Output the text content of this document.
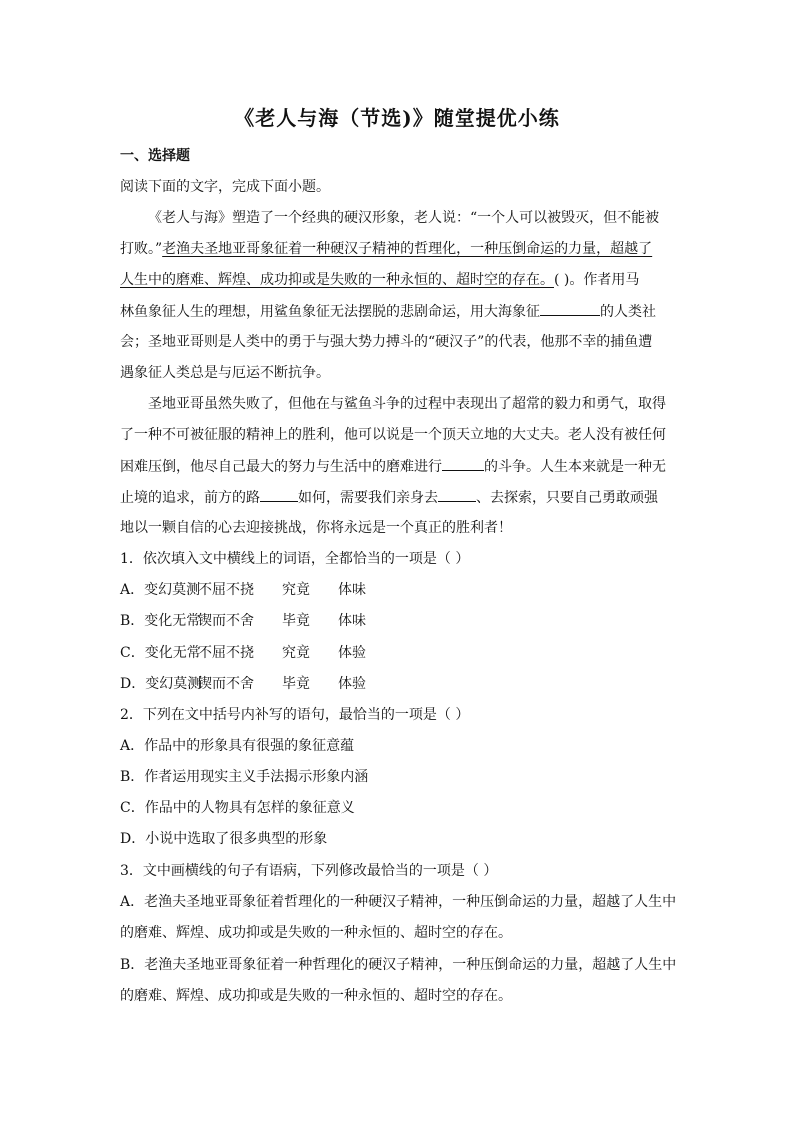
《老人与海（节选)》随堂提优小练
一、选择题
阅读下面的文字，完成下面小题。
《老人与海》塑造了一个经典的硬汉形象，老人说：“一个人可以被毁灭，但不能被
打败。”老渔夫圣地亚哥象征着一种硬汉子精神的哲理化，一种压倒命运的力量，超越了
人生中的磨难、辉煌、成功抑或是失败的一种永恒的、超时空的存在。( )。作者用马
林鱼象征人生的理想，用鲨鱼象征无法摆脱的悲剧命运，用大海象征	的人类社
会；圣地亚哥则是人类中的勇于与强大势力搏斗的“硬汉子”的代表，他那不幸的捕鱼遭
遇象征人类总是与厄运不断抗争。
圣地亚哥虽然失败了，但他在与鲨鱼斗争的过程中表现出了超常的毅力和勇气，取得
了一种不可被征服的精神上的胜利，他可以说是一个顶天立地的大丈夫。老人没有被任何
困难压倒，他尽自己最大的努力与生活中的磨难进行	的斗争。人生本来就是一种无
止境的追求，前方的路	如何，需要我们亲身去	、去探索，只要自己勇敢顽强
地以一颗自信的心去迎接挑战，你将永远是一个真正的胜利者！
1．依次填入文中横线上的词语，全都恰当的一项是（ ）
A．变幻莫测不屈不挠 究竟 体味
B．变化无常锲而不舍 毕竟 体味
C．变化无常不屈不挠 究竟 体验
D．变幻莫测锲而不舍 毕竟 体验
2．下列在文中括号内补写的语句，最恰当的一项是（ ）
A．作品中的形象具有很强的象征意蕴
B．作者运用现实主义手法揭示形象内涵
C．作品中的人物具有怎样的象征意义
D．小说中选取了很多典型的形象
3．文中画横线的句子有语病，下列修改最恰当的一项是（ ）
A．老渔夫圣地亚哥象征着哲理化的一种硬汉子精神，一种压倒命运的力量，超越了人生中
的磨难、辉煌、成功抑或是失败的一种永恒的、超时空的存在。
B．老渔夫圣地亚哥象征着一种哲理化的硬汉子精神，一种压倒命运的力量，超越了人生中
的磨难、辉煌、成功抑或是失败的一种永恒的、超时空的存在。
